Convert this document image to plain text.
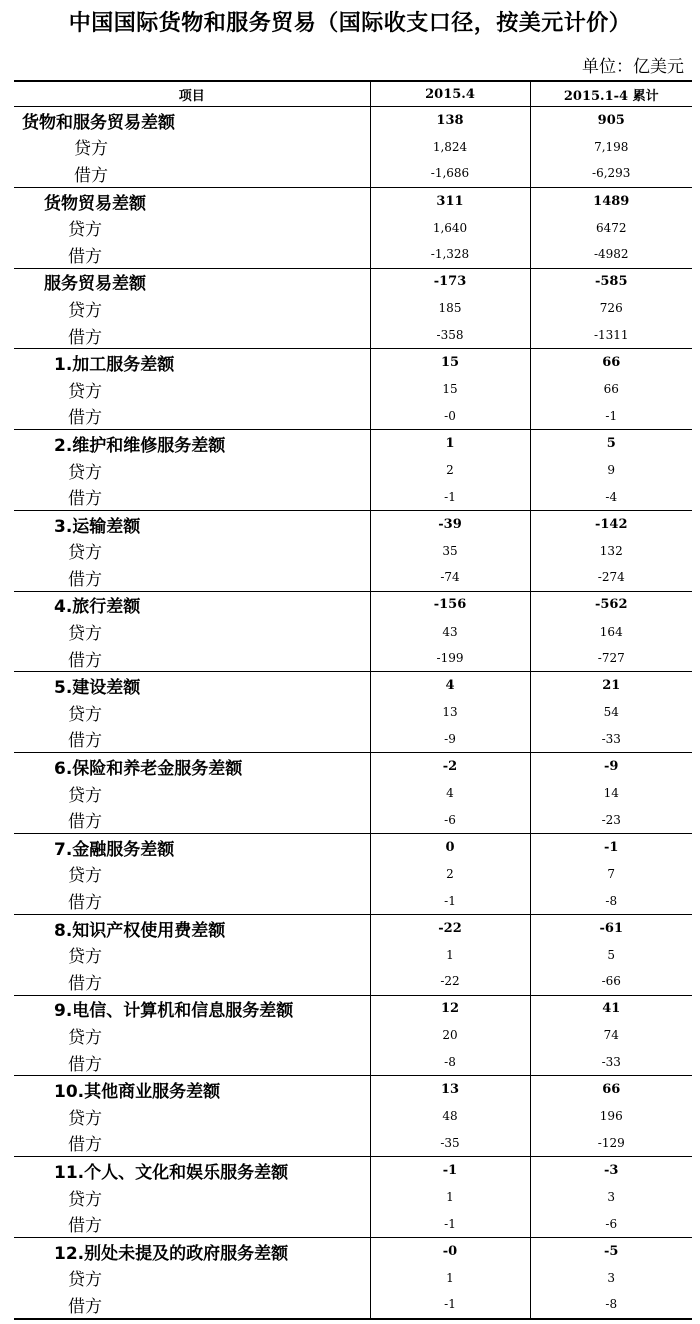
中国国际货物和服务贸易（国际收支口径，按美元计价）
单位：亿美元
项目	2015.4	2015.1-4 累计
货物和服务贸易差额	138	905
贷方	1,824	7,198
借方	-1,686	-6,293
货物贸易差额	311	1489
贷方	1,640	6472
借方	-1,328	-4982
服务贸易差额	-173	-585
贷方	185	726
借方	-358	-1311
1.加工服务差额	15	66
贷方	15	66
借方	-0	-1
2.维护和维修服务差额	1	5
贷方	2	9
借方	-1	-4
3.运输差额	-39	-142
贷方	35	132
借方	-74	-274
4.旅行差额	-156	-562
贷方	43	164
借方	-199	-727
5.建设差额	4	21
贷方	13	54
借方	-9	-33
6.保险和养老金服务差额	-2	-9
贷方	4	14
借方	-6	-23
7.金融服务差额	0	-1
贷方	2	7
借方	-1	-8
8.知识产权使用费差额	-22	-61
贷方	1	5
借方	-22	-66
9.电信、计算机和信息服务差额	12	41
贷方	20	74
借方	-8	-33
10.其他商业服务差额	13	66
贷方	48	196
借方	-35	-129
11.个人、文化和娱乐服务差额	-1	-3
贷方	1	3
借方	-1	-6
12.别处未提及的政府服务差额	-0	-5
贷方	1	3
借方	-1	-8
